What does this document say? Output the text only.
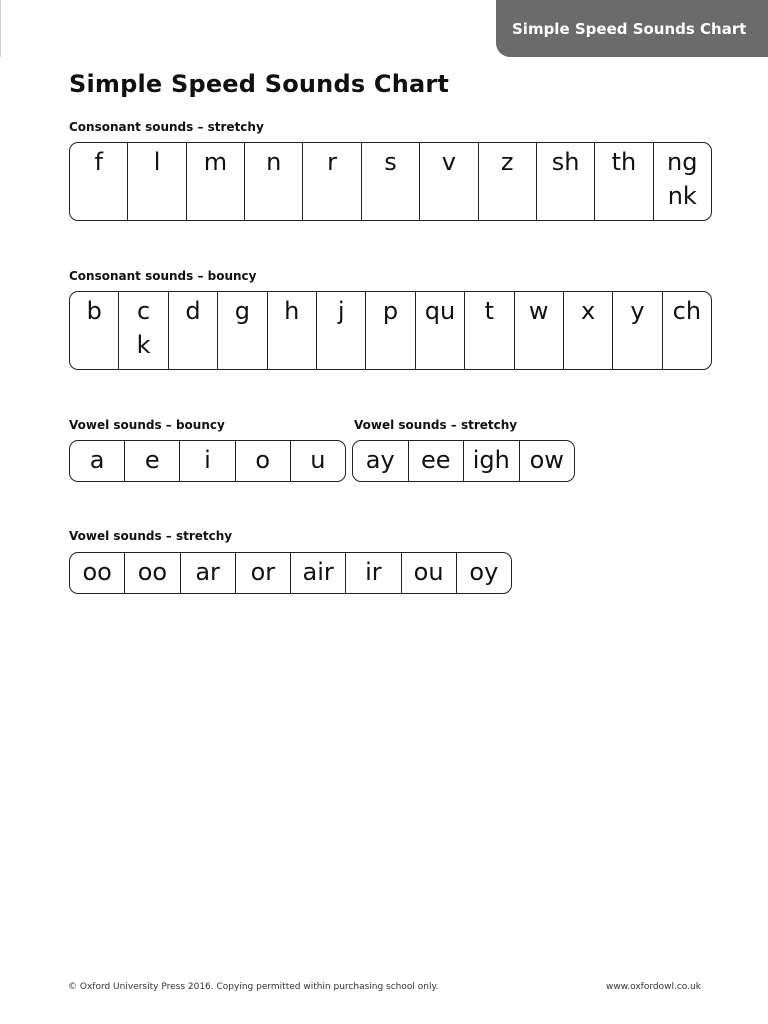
Simple Speed Sounds Chart
Simple Speed Sounds Chart
Consonant sounds – stretchy
f l m n r s v z sh th ng
nk
Consonant sounds – bouncy
b c
k
d g h j p qu t w x y ch
Vowel sounds – bouncy
a e i o u
Vowel sounds – stretchy
ay ee igh ow
Vowel sounds – stretchy
oo oo ar or air ir ou oy
© Oxford University Press 2016. Copying permitted within purchasing school only.	www.oxfordowl.co.uk
